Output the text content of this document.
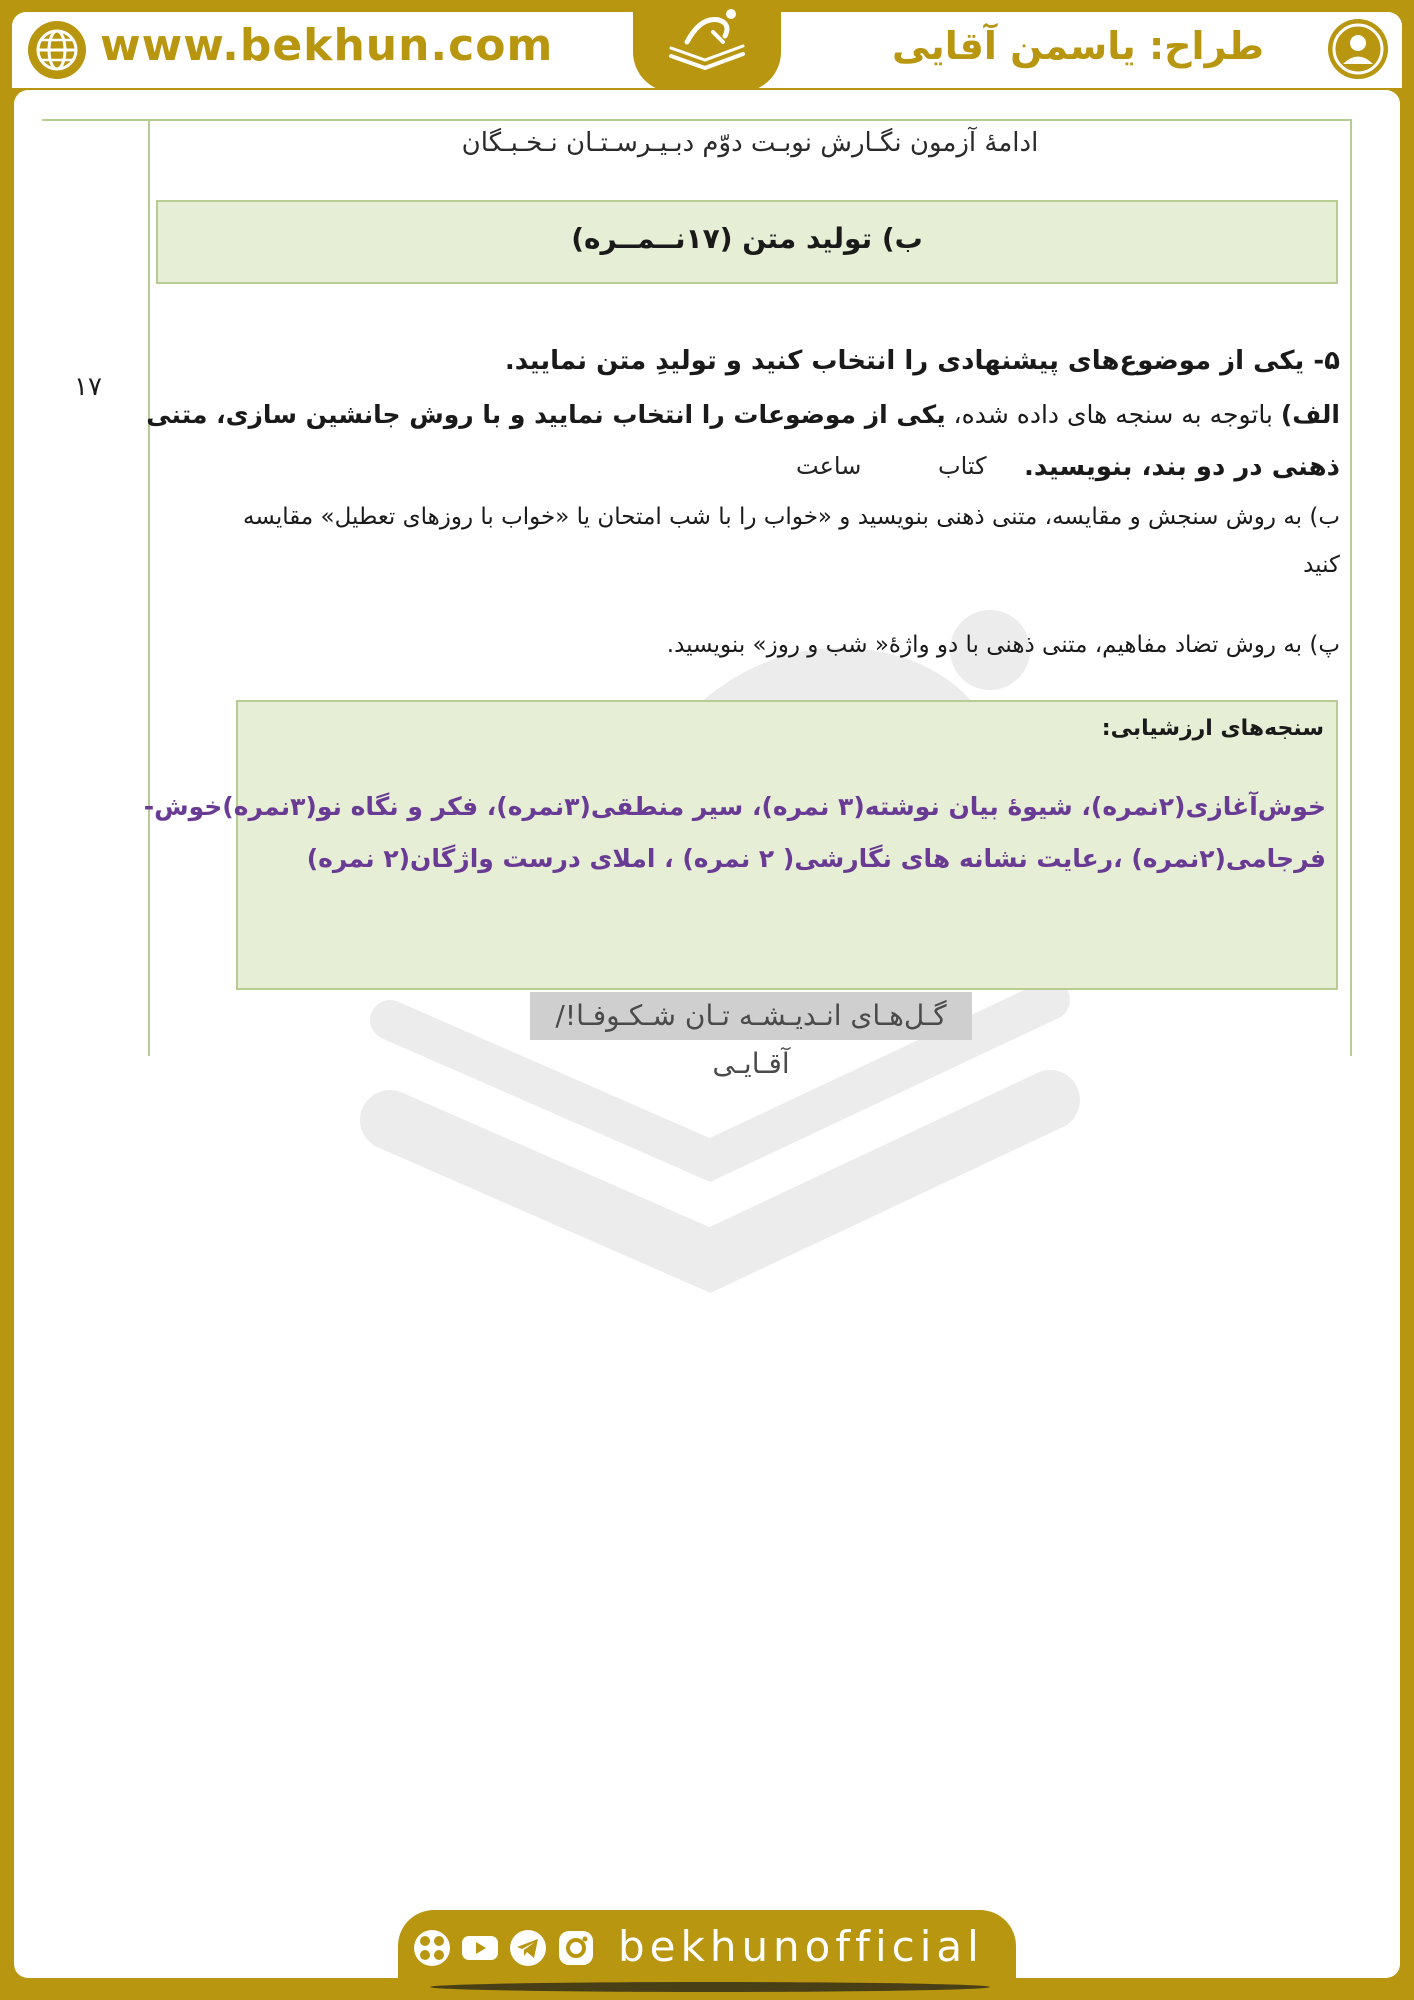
www.bekhun.com	طراح: یاسمن آقایی
ادامهٔ آزمون نگـارش نوبـت دوّم دبـیـرسـتـان نـخـبـگان
ب) تولید متن (۱۷نــمــره)
۱۷
۵- یکی از موضوع‌های پیشنهادی را انتخاب کنید و تولیدِ متن نمایید.
الف) باتوجه به سنجه های داده شده، یکی از موضوعات را انتخاب نمایید و با روش جانشین سازی، متنی
ذهنی در دو بند، بنویسید.
کتاب
ساعت
ب) به روش سنجش و مقایسه، متنی ذهنی بنویسید و «خواب را با شب امتحان یا «خواب با روزهای تعطیل» مقایسه
کنید
پ) به روش تضاد مفاهیم، متنی ذهنی با دو واژۀ« شب و روز» بنویسید.
سنجه‌های ارزشیابی:
خوش‌آغازی(۲نمره)، شیوهٔ بیان نوشته(۳ نمره)، سیر منطقی(۳نمره)، فکر و نگاه نو(۳نمره)خوش-
فرجامی(۲نمره) ،رعایت نشانه های نگارشی( ۲ نمره) ، املای درست واژگان(۲ نمره)
گـل‌هـای انـدیـشـه تـان شـکـوفـا!/ آقـایـی
bekhunofficial
